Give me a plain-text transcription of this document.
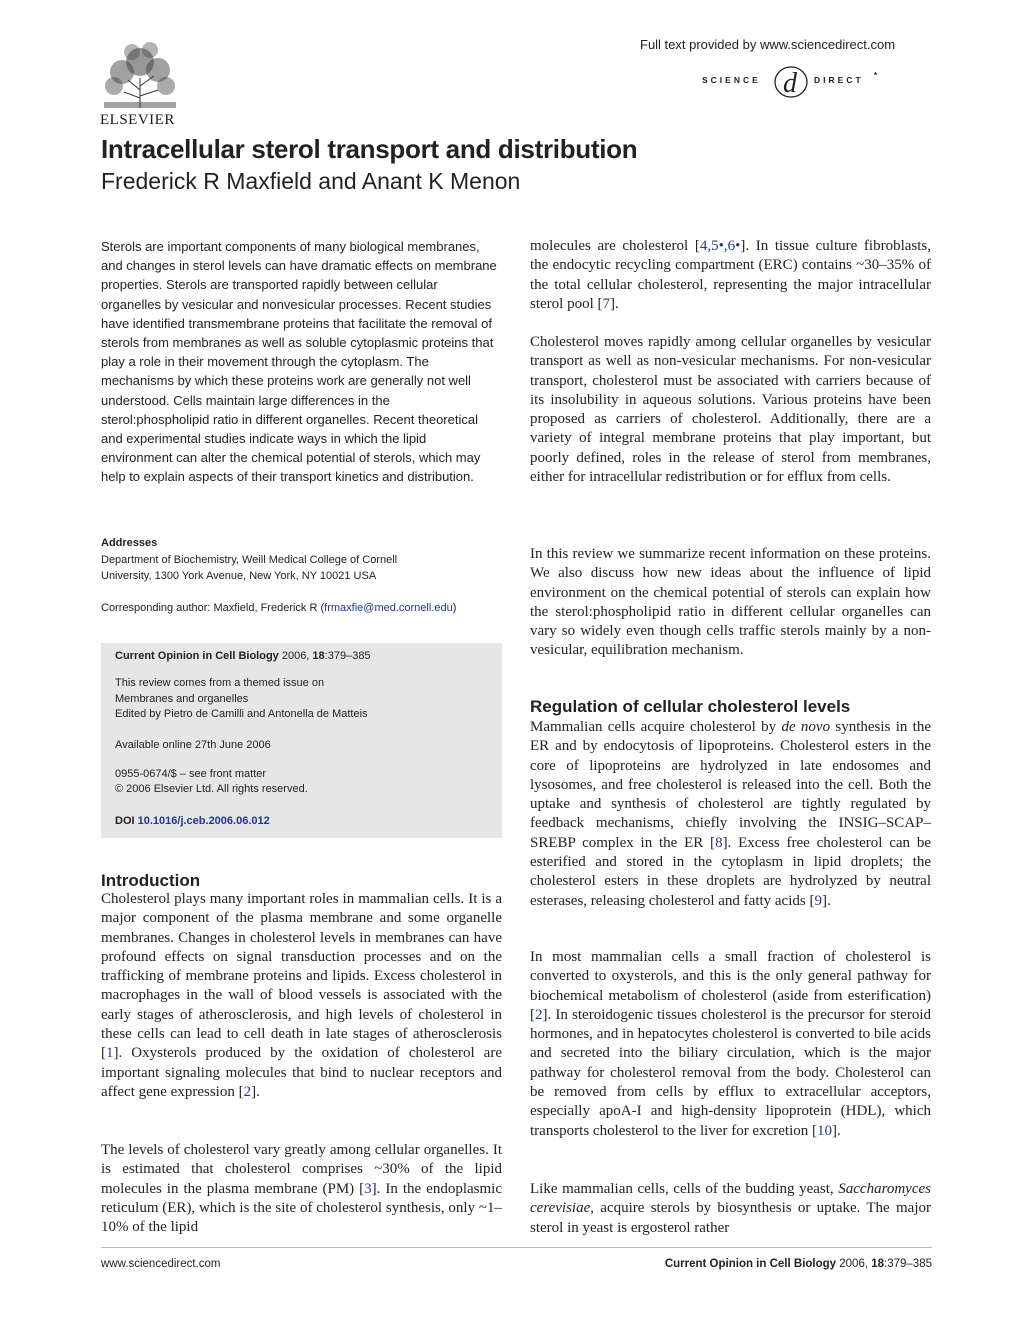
ELSEVIER
Full text provided by www.sciencedirect.com
SCIENCE d DIRECT *
Intracellular sterol transport and distribution
Frederick R Maxfield and Anant K Menon
Sterols are important components of many biological membranes, and changes in sterol levels can have dramatic effects on membrane properties. Sterols are transported rapidly between cellular organelles by vesicular and nonvesicular processes. Recent studies have identified transmembrane proteins that facilitate the removal of sterols from membranes as well as soluble cytoplasmic proteins that play a role in their movement through the cytoplasm. The mechanisms by which these proteins work are generally not well understood. Cells maintain large differences in the sterol:phospholipid ratio in different organelles. Recent theoretical and experimental studies indicate ways in which the lipid environment can alter the chemical potential of sterols, which may help to explain aspects of their transport kinetics and distribution.
Addresses
Department of Biochemistry, Weill Medical College of Cornell
University, 1300 York Avenue, New York, NY 10021 USA
Corresponding author: Maxfield, Frederick R (frmaxfie@med.cornell.edu)
Current Opinion in Cell Biology 2006, 18:379–385
This review comes from a themed issue on
Membranes and organelles
Edited by Pietro de Camilli and Antonella de Matteis
Available online 27th June 2006
0955-0674/$ – see front matter
© 2006 Elsevier Ltd. All rights reserved.
DOI 10.1016/j.ceb.2006.06.012
Introduction
Cholesterol plays many important roles in mammalian cells. It is a major component of the plasma membrane and some organelle membranes. Changes in cholesterol levels in membranes can have profound effects on signal transduction processes and on the trafficking of membrane proteins and lipids. Excess cholesterol in macrophages in the wall of blood vessels is associated with the early stages of atherosclerosis, and high levels of cholesterol in these cells can lead to cell death in late stages of atherosclerosis [1]. Oxysterols produced by the oxidation of cholesterol are important signaling molecules that bind to nuclear receptors and affect gene expression [2].
The levels of cholesterol vary greatly among cellular organelles. It is estimated that cholesterol comprises ~30% of the lipid molecules in the plasma membrane (PM) [3]. In the endoplasmic reticulum (ER), which is the site of cholesterol synthesis, only ~1–10% of the lipid
molecules are cholesterol [4,5•,6•]. In tissue culture fibroblasts, the endocytic recycling compartment (ERC) contains ~30–35% of the total cellular cholesterol, representing the major intracellular sterol pool [7].
Cholesterol moves rapidly among cellular organelles by vesicular transport as well as non-vesicular mechanisms. For non-vesicular transport, cholesterol must be associated with carriers because of its insolubility in aqueous solutions. Various proteins have been proposed as carriers of cholesterol. Additionally, there are a variety of integral membrane proteins that play important, but poorly defined, roles in the release of sterol from membranes, either for intracellular redistribution or for efflux from cells.
In this review we summarize recent information on these proteins. We also discuss how new ideas about the influence of lipid environment on the chemical potential of sterols can explain how the sterol:phospholipid ratio in different cellular organelles can vary so widely even though cells traffic sterols mainly by a non-vesicular, equilibration mechanism.
Regulation of cellular cholesterol levels
Mammalian cells acquire cholesterol by de novo synthesis in the ER and by endocytosis of lipoproteins. Cholesterol esters in the core of lipoproteins are hydrolyzed in late endosomes and lysosomes, and free cholesterol is released into the cell. Both the uptake and synthesis of cholesterol are tightly regulated by feedback mechanisms, chiefly involving the INSIG–SCAP–SREBP complex in the ER [8]. Excess free cholesterol can be esterified and stored in the cytoplasm in lipid droplets; the cholesterol esters in these droplets are hydrolyzed by neutral esterases, releasing cholesterol and fatty acids [9].
In most mammalian cells a small fraction of cholesterol is converted to oxysterols, and this is the only general pathway for biochemical metabolism of cholesterol (aside from esterification) [2]. In steroidogenic tissues cholesterol is the precursor for steroid hormones, and in hepatocytes cholesterol is converted to bile acids and secreted into the biliary circulation, which is the major pathway for cholesterol removal from the body. Cholesterol can be removed from cells by efflux to extracellular acceptors, especially apoA-I and high-density lipoprotein (HDL), which transports cholesterol to the liver for excretion [10].
Like mammalian cells, cells of the budding yeast, Saccharomyces cerevisiae, acquire sterols by biosynthesis or uptake. The major sterol in yeast is ergosterol rather
www.sciencedirect.com	Current Opinion in Cell Biology 2006, 18:379–385
